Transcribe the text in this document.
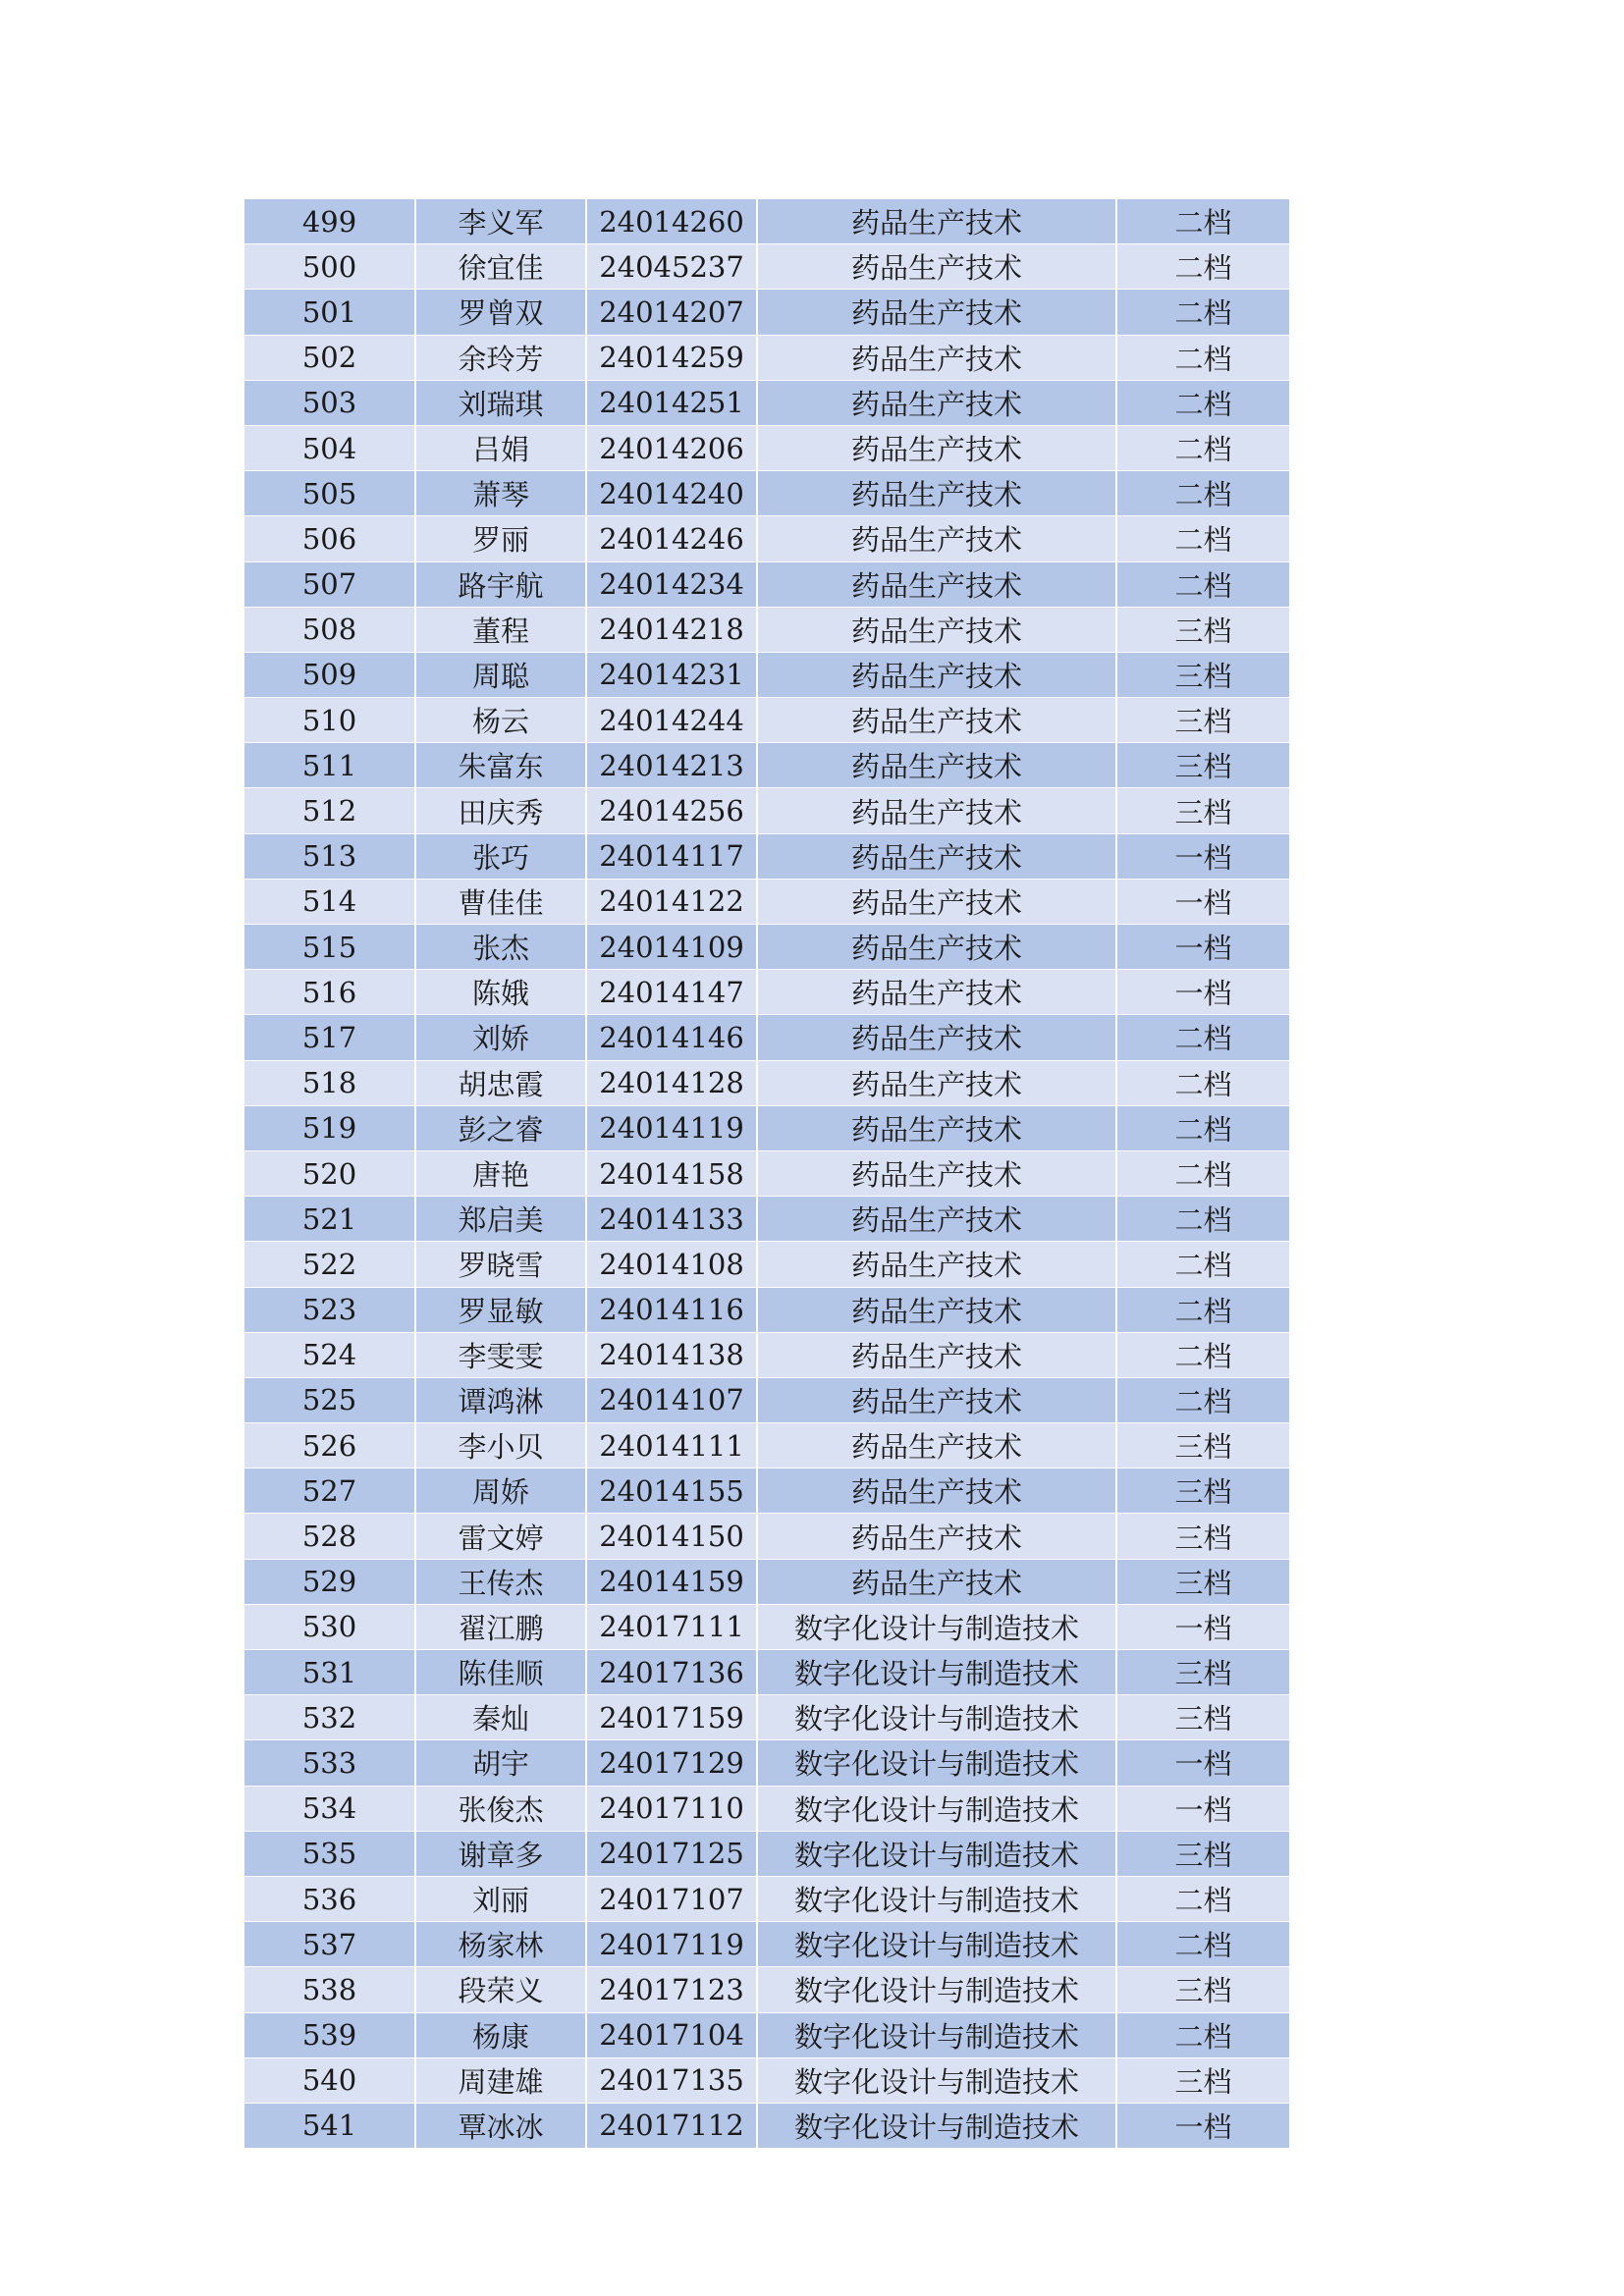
499	李义军	24014260	药品生产技术	二档
500	徐宜佳	24045237	药品生产技术	二档
501	罗曾双	24014207	药品生产技术	二档
502	余玲芳	24014259	药品生产技术	二档
503	刘瑞琪	24014251	药品生产技术	二档
504	吕娟	24014206	药品生产技术	二档
505	萧琴	24014240	药品生产技术	二档
506	罗丽	24014246	药品生产技术	二档
507	路宇航	24014234	药品生产技术	二档
508	董程	24014218	药品生产技术	三档
509	周聪	24014231	药品生产技术	三档
510	杨云	24014244	药品生产技术	三档
511	朱富东	24014213	药品生产技术	三档
512	田庆秀	24014256	药品生产技术	三档
513	张巧	24014117	药品生产技术	一档
514	曹佳佳	24014122	药品生产技术	一档
515	张杰	24014109	药品生产技术	一档
516	陈娥	24014147	药品生产技术	一档
517	刘娇	24014146	药品生产技术	二档
518	胡忠霞	24014128	药品生产技术	二档
519	彭之睿	24014119	药品生产技术	二档
520	唐艳	24014158	药品生产技术	二档
521	郑启美	24014133	药品生产技术	二档
522	罗晓雪	24014108	药品生产技术	二档
523	罗显敏	24014116	药品生产技术	二档
524	李雯雯	24014138	药品生产技术	二档
525	谭鸿淋	24014107	药品生产技术	二档
526	李小贝	24014111	药品生产技术	三档
527	周娇	24014155	药品生产技术	三档
528	雷文婷	24014150	药品生产技术	三档
529	王传杰	24014159	药品生产技术	三档
530	翟江鹏	24017111	数字化设计与制造技术	一档
531	陈佳顺	24017136	数字化设计与制造技术	三档
532	秦灿	24017159	数字化设计与制造技术	三档
533	胡宇	24017129	数字化设计与制造技术	一档
534	张俊杰	24017110	数字化设计与制造技术	一档
535	谢章多	24017125	数字化设计与制造技术	三档
536	刘丽	24017107	数字化设计与制造技术	二档
537	杨家林	24017119	数字化设计与制造技术	二档
538	段荣义	24017123	数字化设计与制造技术	三档
539	杨康	24017104	数字化设计与制造技术	二档
540	周建雄	24017135	数字化设计与制造技术	三档
541	覃冰冰	24017112	数字化设计与制造技术	一档
